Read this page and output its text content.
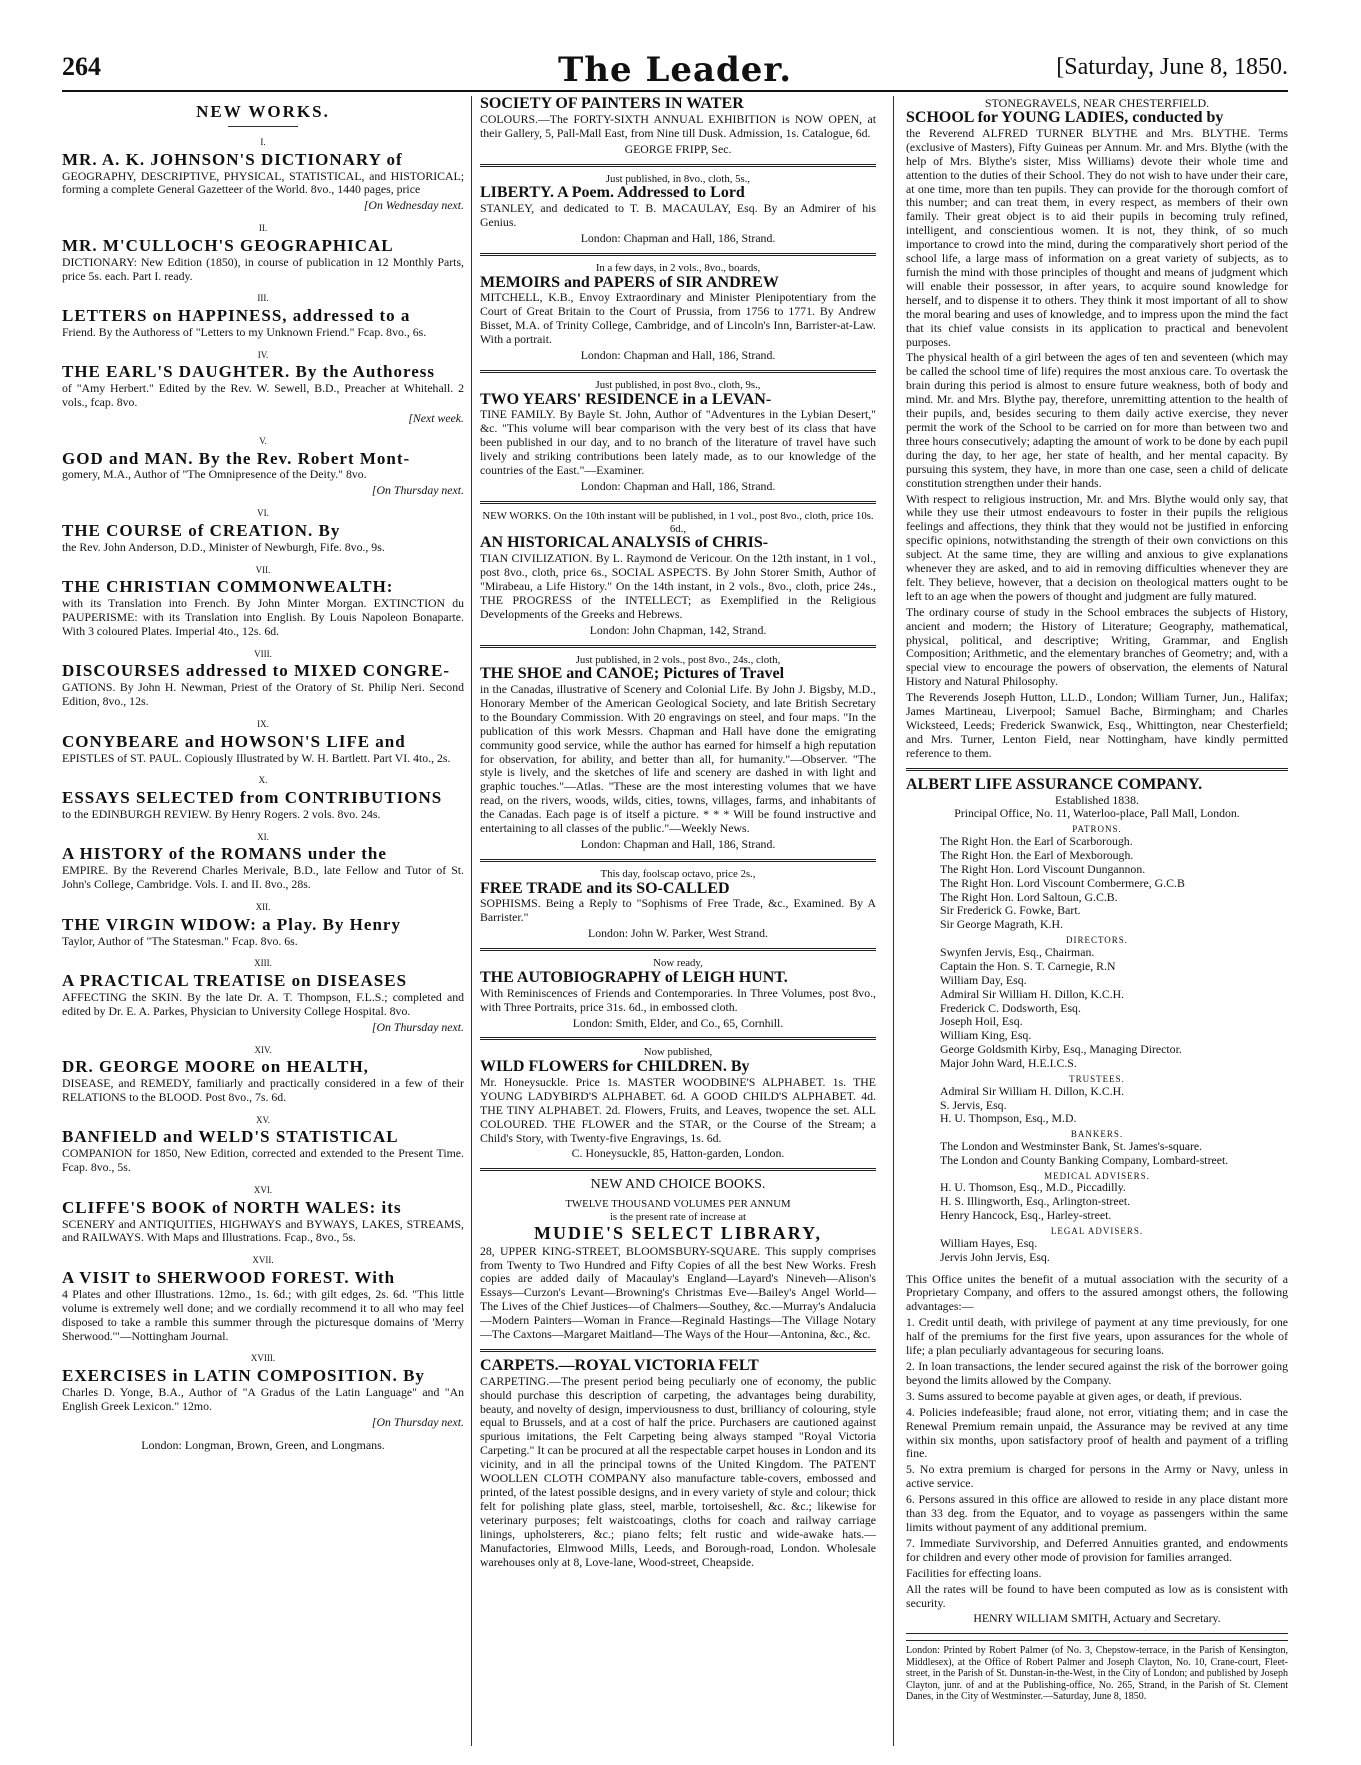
264	The Leader.	[Saturday, June 8, 1850.
NEW WORKS.
I.
MR. A. K. JOHNSON'S DICTIONARY of

GEOGRAPHY, DESCRIPTIVE, PHYSICAL, STATISTICAL, and HISTORICAL; forming a complete General Gazetteer of the World. 8vo., 1440 pages, price

[On Wednesday next.
II.
MR. M'CULLOCH'S GEOGRAPHICAL

DICTIONARY: New Edition (1850), in course of publication in 12 Monthly Parts, price 5s. each. Part I. ready.

III.
LETTERS on HAPPINESS, addressed to a

Friend. By the Authoress of "Letters to my Unknown Friend." Fcap. 8vo., 6s.

IV.
THE EARL'S DAUGHTER. By the Authoress

of "Amy Herbert." Edited by the Rev. W. Sewell, B.D., Preacher at Whitehall. 2 vols., fcap. 8vo.

[Next week.
V.
GOD and MAN. By the Rev. Robert Mont-

gomery, M.A., Author of "The Omnipresence of the Deity." 8vo.

[On Thursday next.
VI.
THE COURSE of CREATION. By

the Rev. John Anderson, D.D., Minister of Newburgh, Fife. 8vo., 9s.

VII.
THE CHRISTIAN COMMONWEALTH:

with its Translation into French. By John Minter Morgan. EXTINCTION du PAUPERISME: with its Translation into English. By Louis Napoleon Bonaparte. With 3 coloured Plates. Imperial 4to., 12s. 6d.

VIII.
DISCOURSES addressed to MIXED CONGRE-

GATIONS. By John H. Newman, Priest of the Oratory of St. Philip Neri. Second Edition, 8vo., 12s.

IX.
CONYBEARE and HOWSON'S LIFE and

EPISTLES of ST. PAUL. Copiously Illustrated by W. H. Bartlett. Part VI. 4to., 2s.

X.
ESSAYS SELECTED from CONTRIBUTIONS

to the EDINBURGH REVIEW. By Henry Rogers. 2 vols. 8vo. 24s.

XI.
A HISTORY of the ROMANS under the

EMPIRE. By the Reverend Charles Merivale, B.D., late Fellow and Tutor of St. John's College, Cambridge. Vols. I. and II. 8vo., 28s.

XII.
THE VIRGIN WIDOW: a Play. By Henry

Taylor, Author of "The Statesman." Fcap. 8vo. 6s.

XIII.
A PRACTICAL TREATISE on DISEASES

AFFECTING the SKIN. By the late Dr. A. T. Thompson, F.L.S.; completed and edited by Dr. E. A. Parkes, Physician to University College Hospital. 8vo.

[On Thursday next.
XIV.
DR. GEORGE MOORE on HEALTH,

DISEASE, and REMEDY, familiarly and practically considered in a few of their RELATIONS to the BLOOD. Post 8vo., 7s. 6d.

XV.
BANFIELD and WELD'S STATISTICAL

COMPANION for 1850, New Edition, corrected and extended to the Present Time. Fcap. 8vo., 5s.

XVI.
CLIFFE'S BOOK of NORTH WALES: its

SCENERY and ANTIQUITIES, HIGHWAYS and BYWAYS, LAKES, STREAMS, and RAILWAYS. With Maps and Illustrations. Fcap., 8vo., 5s.

XVII.
A VISIT to SHERWOOD FOREST. With

4 Plates and other Illustrations. 12mo., 1s. 6d.; with gilt edges, 2s. 6d. "This little volume is extremely well done; and we cordially recommend it to all who may feel disposed to take a ramble this summer through the picturesque domains of 'Merry Sherwood.'"—Nottingham Journal.

XVIII.
EXERCISES in LATIN COMPOSITION. By

Charles D. Yonge, B.A., Author of "A Gradus of the Latin Language" and "An English Greek Lexicon." 12mo.

[On Thursday next.
London: Longman, Brown, Green, and Longmans.
SOCIETY OF PAINTERS IN WATER

COLOURS.—The FORTY-SIXTH ANNUAL EXHIBITION is NOW OPEN, at their Gallery, 5, Pall-Mall East, from Nine till Dusk. Admission, 1s. Catalogue, 6d.

GEORGE FRIPP, Sec.
Just published, in 8vo., cloth, 5s.,
LIBERTY. A Poem. Addressed to Lord

STANLEY, and dedicated to T. B. MACAULAY, Esq. By an Admirer of his Genius.

London: Chapman and Hall, 186, Strand.
In a few days, in 2 vols., 8vo., boards,
MEMOIRS and PAPERS of SIR ANDREW

MITCHELL, K.B., Envoy Extraordinary and Minister Plenipotentiary from the Court of Great Britain to the Court of Prussia, from 1756 to 1771. By Andrew Bisset, M.A. of Trinity College, Cambridge, and of Lincoln's Inn, Barrister-at-Law. With a portrait.

London: Chapman and Hall, 186, Strand.
Just published, in post 8vo., cloth, 9s.,
TWO YEARS' RESIDENCE in a LEVAN-

TINE FAMILY. By Bayle St. John, Author of "Adventures in the Lybian Desert," &c. "This volume will bear comparison with the very best of its class that have been published in our day, and to no branch of the literature of travel have such lively and striking contributions been lately made, as to our knowledge of the countries of the East."—Examiner.

London: Chapman and Hall, 186, Strand.
NEW WORKS. On the 10th instant will be published, in 1 vol., post 8vo., cloth, price 10s. 6d.,
AN HISTORICAL ANALYSIS of CHRIS-

TIAN CIVILIZATION. By L. Raymond de Vericour. On the 12th instant, in 1 vol., post 8vo., cloth, price 6s., SOCIAL ASPECTS. By John Storer Smith, Author of "Mirabeau, a Life History." On the 14th instant, in 2 vols., 8vo., cloth, price 24s., THE PROGRESS of the INTELLECT; as Exemplified in the Religious Developments of the Greeks and Hebrews.

London: John Chapman, 142, Strand.
Just published, in 2 vols., post 8vo., 24s., cloth,
THE SHOE and CANOE; Pictures of Travel

in the Canadas, illustrative of Scenery and Colonial Life. By John J. Bigsby, M.D., Honorary Member of the American Geological Society, and late British Secretary to the Boundary Commission. With 20 engravings on steel, and four maps. "In the publication of this work Messrs. Chapman and Hall have done the emigrating community good service, while the author has earned for himself a high reputation for observation, for ability, and better than all, for humanity."—Observer. "The style is lively, and the sketches of life and scenery are dashed in with light and graphic touches."—Atlas. "These are the most interesting volumes that we have read, on the rivers, woods, wilds, cities, towns, villages, farms, and inhabitants of the Canadas. Each page is of itself a picture. * * * Will be found instructive and entertaining to all classes of the public."—Weekly News.

London: Chapman and Hall, 186, Strand.
This day, foolscap octavo, price 2s.,
FREE TRADE and its SO-CALLED

SOPHISMS. Being a Reply to "Sophisms of Free Trade, &c., Examined. By A Barrister."

London: John W. Parker, West Strand.
Now ready,
THE AUTOBIOGRAPHY of LEIGH HUNT.

With Reminiscences of Friends and Contemporaries. In Three Volumes, post 8vo., with Three Portraits, price 31s. 6d., in embossed cloth.

London: Smith, Elder, and Co., 65, Cornhill.
Now published,
WILD FLOWERS for CHILDREN. By

Mr. Honeysuckle. Price 1s. MASTER WOODBINE'S ALPHABET. 1s. THE YOUNG LADYBIRD'S ALPHABET. 6d. A GOOD CHILD'S ALPHABET. 4d. THE TINY ALPHABET. 2d. Flowers, Fruits, and Leaves, twopence the set. ALL COLOURED. THE FLOWER and the STAR, or the Course of the Stream; a Child's Story, with Twenty-five Engravings, 1s. 6d.

C. Honeysuckle, 85, Hatton-garden, London.
NEW AND CHOICE BOOKS.
TWELVE THOUSAND VOLUMES PER ANNUM
is the present rate of increase at
MUDIE'S SELECT LIBRARY,

28, UPPER KING-STREET, BLOOMSBURY-SQUARE. This supply comprises from Twenty to Two Hundred and Fifty Copies of all the best New Works. Fresh copies are added daily of Macaulay's England—Layard's Nineveh—Alison's Essays—Curzon's Levant—Browning's Christmas Eve—Bailey's Angel World—The Lives of the Chief Justices—of Chalmers—Southey, &c.—Murray's Andalucia—Modern Painters—Woman in France—Reginald Hastings—The Village Notary—The Caxtons—Margaret Maitland—The Ways of the Hour—Antonina, &c., &c.

CARPETS.—ROYAL VICTORIA FELT

CARPETING.—The present period being peculiarly one of economy, the public should purchase this description of carpeting, the advantages being durability, beauty, and novelty of design, imperviousness to dust, brilliancy of colouring, style equal to Brussels, and at a cost of half the price. Purchasers are cautioned against spurious imitations, the Felt Carpeting being always stamped "Royal Victoria Carpeting." It can be procured at all the respectable carpet houses in London and its vicinity, and in all the principal towns of the United Kingdom. The PATENT WOOLLEN CLOTH COMPANY also manufacture table-covers, embossed and printed, of the latest possible designs, and in every variety of style and colour; thick felt for polishing plate glass, steel, marble, tortoiseshell, &c. &c.; likewise for veterinary purposes; felt waistcoatings, cloths for coach and railway carriage linings, upholsterers, &c.; piano felts; felt rustic and wide-awake hats.—Manufactories, Elmwood Mills, Leeds, and Borough-road, London. Wholesale warehouses only at 8, Love-lane, Wood-street, Cheapside.

STONEGRAVELS, NEAR CHESTERFIELD.
SCHOOL for YOUNG LADIES, conducted by

the Reverend ALFRED TURNER BLYTHE and Mrs. BLYTHE. Terms (exclusive of Masters), Fifty Guineas per Annum. Mr. and Mrs. Blythe (with the help of Mrs. Blythe's sister, Miss Williams) devote their whole time and attention to the duties of their School. They do not wish to have under their care, at one time, more than ten pupils. They can provide for the thorough comfort of this number; and can treat them, in every respect, as members of their own family. Their great object is to aid their pupils in becoming truly refined, intelligent, and conscientious women. It is not, they think, of so much importance to crowd into the mind, during the comparatively short period of the school life, a large mass of information on a great variety of subjects, as to furnish the mind with those principles of thought and means of judgment which will enable their possessor, in after years, to acquire sound knowledge for herself, and to dispense it to others. They think it most important of all to show the moral bearing and uses of knowledge, and to impress upon the mind the fact that its chief value consists in its application to practical and benevolent purposes.

The physical health of a girl between the ages of ten and seventeen (which may be called the school time of life) requires the most anxious care. To overtask the brain during this period is almost to ensure future weakness, both of body and mind. Mr. and Mrs. Blythe pay, therefore, unremitting attention to the health of their pupils, and, besides securing to them daily active exercise, they never permit the work of the School to be carried on for more than between two and three hours consecutively; adapting the amount of work to be done by each pupil during the day, to her age, her state of health, and her mental capacity. By pursuing this system, they have, in more than one case, seen a child of delicate constitution strengthen under their hands.

With respect to religious instruction, Mr. and Mrs. Blythe would only say, that while they use their utmost endeavours to foster in their pupils the religious feelings and affections, they think that they would not be justified in enforcing specific opinions, notwithstanding the strength of their own convictions on this subject. At the same time, they are willing and anxious to give explanations whenever they are asked, and to aid in removing difficulties whenever they are felt. They believe, however, that a decision on theological matters ought to be left to an age when the powers of thought and judgment are fully matured.

The ordinary course of study in the School embraces the subjects of History, ancient and modern; the History of Literature; Geography, mathematical, physical, political, and descriptive; Writing, Grammar, and English Composition; Arithmetic, and the elementary branches of Geometry; and, with a special view to encourage the powers of observation, the elements of Natural History and Natural Philosophy.

The Reverends Joseph Hutton, LL.D., London; William Turner, Jun., Halifax; James Martineau, Liverpool; Samuel Bache, Birmingham; and Charles Wicksteed, Leeds; Frederick Swanwick, Esq., Whittington, near Chesterfield; and Mrs. Turner, Lenton Field, near Nottingham, have kindly permitted reference to them.

ALBERT LIFE ASSURANCE COMPANY.
Established 1838.
Principal Office, No. 11, Waterloo-place, Pall Mall, London.
PATRONS.
The Right Hon. the Earl of Scarborough.
The Right Hon. the Earl of Mexborough.
The Right Hon. Lord Viscount Dungannon.
The Right Hon. Lord Viscount Combermere, G.C.B
The Right Hon. Lord Saltoun, G.C.B.
Sir Frederick G. Fowke, Bart.
Sir George Magrath, K.H.
DIRECTORS.
Swynfen Jervis, Esq., Chairman.
Captain the Hon. S. T. Carnegie, R.N
William Day, Esq.
Admiral Sir William H. Dillon, K.C.H.
Frederick C. Dodsworth, Esq.
Joseph Hoil, Esq.
William King, Esq.
George Goldsmith Kirby, Esq., Managing Director.
Major John Ward, H.E.I.C.S.
TRUSTEES.
Admiral Sir William H. Dillon, K.C.H.
S. Jervis, Esq.
H. U. Thompson, Esq., M.D.
BANKERS.
The London and Westminster Bank, St. James's-square.
The London and County Banking Company, Lombard-street.
MEDICAL ADVISERS.
H. U. Thomson, Esq., M.D., Piccadilly.
H. S. Illingworth, Esq., Arlington-street.
Henry Hancock, Esq., Harley-street.
LEGAL ADVISERS.
William Hayes, Esq.
Jervis John Jervis, Esq.

This Office unites the benefit of a mutual association with the security of a Proprietary Company, and offers to the assured amongst others, the following advantages:—

1. Credit until death, with privilege of payment at any time previously, for one half of the premiums for the first five years, upon assurances for the whole of life; a plan peculiarly advantageous for securing loans.

2. In loan transactions, the lender secured against the risk of the borrower going beyond the limits allowed by the Company.

3. Sums assured to become payable at given ages, or death, if previous.

4. Policies indefeasible; fraud alone, not error, vitiating them; and in case the Renewal Premium remain unpaid, the Assurance may be revived at any time within six months, upon satisfactory proof of health and payment of a trifling fine.

5. No extra premium is charged for persons in the Army or Navy, unless in active service.

6. Persons assured in this office are allowed to reside in any place distant more than 33 deg. from the Equator, and to voyage as passengers within the same limits without payment of any additional premium.

7. Immediate Survivorship, and Deferred Annuities granted, and endowments for children and every other mode of provision for families arranged.

Facilities for effecting loans.

All the rates will be found to have been computed as low as is consistent with security.

HENRY WILLIAM SMITH, Actuary and Secretary.
London: Printed by Robert Palmer (of No. 3, Chepstow-terrace, in the Parish of Kensington, Middlesex), at the Office of Robert Palmer and Joseph Clayton, No. 10, Crane-court, Fleet-street, in the Parish of St. Dunstan-in-the-West, in the City of London; and published by Joseph Clayton, junr. of and at the Publishing-office, No. 265, Strand, in the Parish of St. Clement Danes, in the City of Westminster.—Saturday, June 8, 1850.
